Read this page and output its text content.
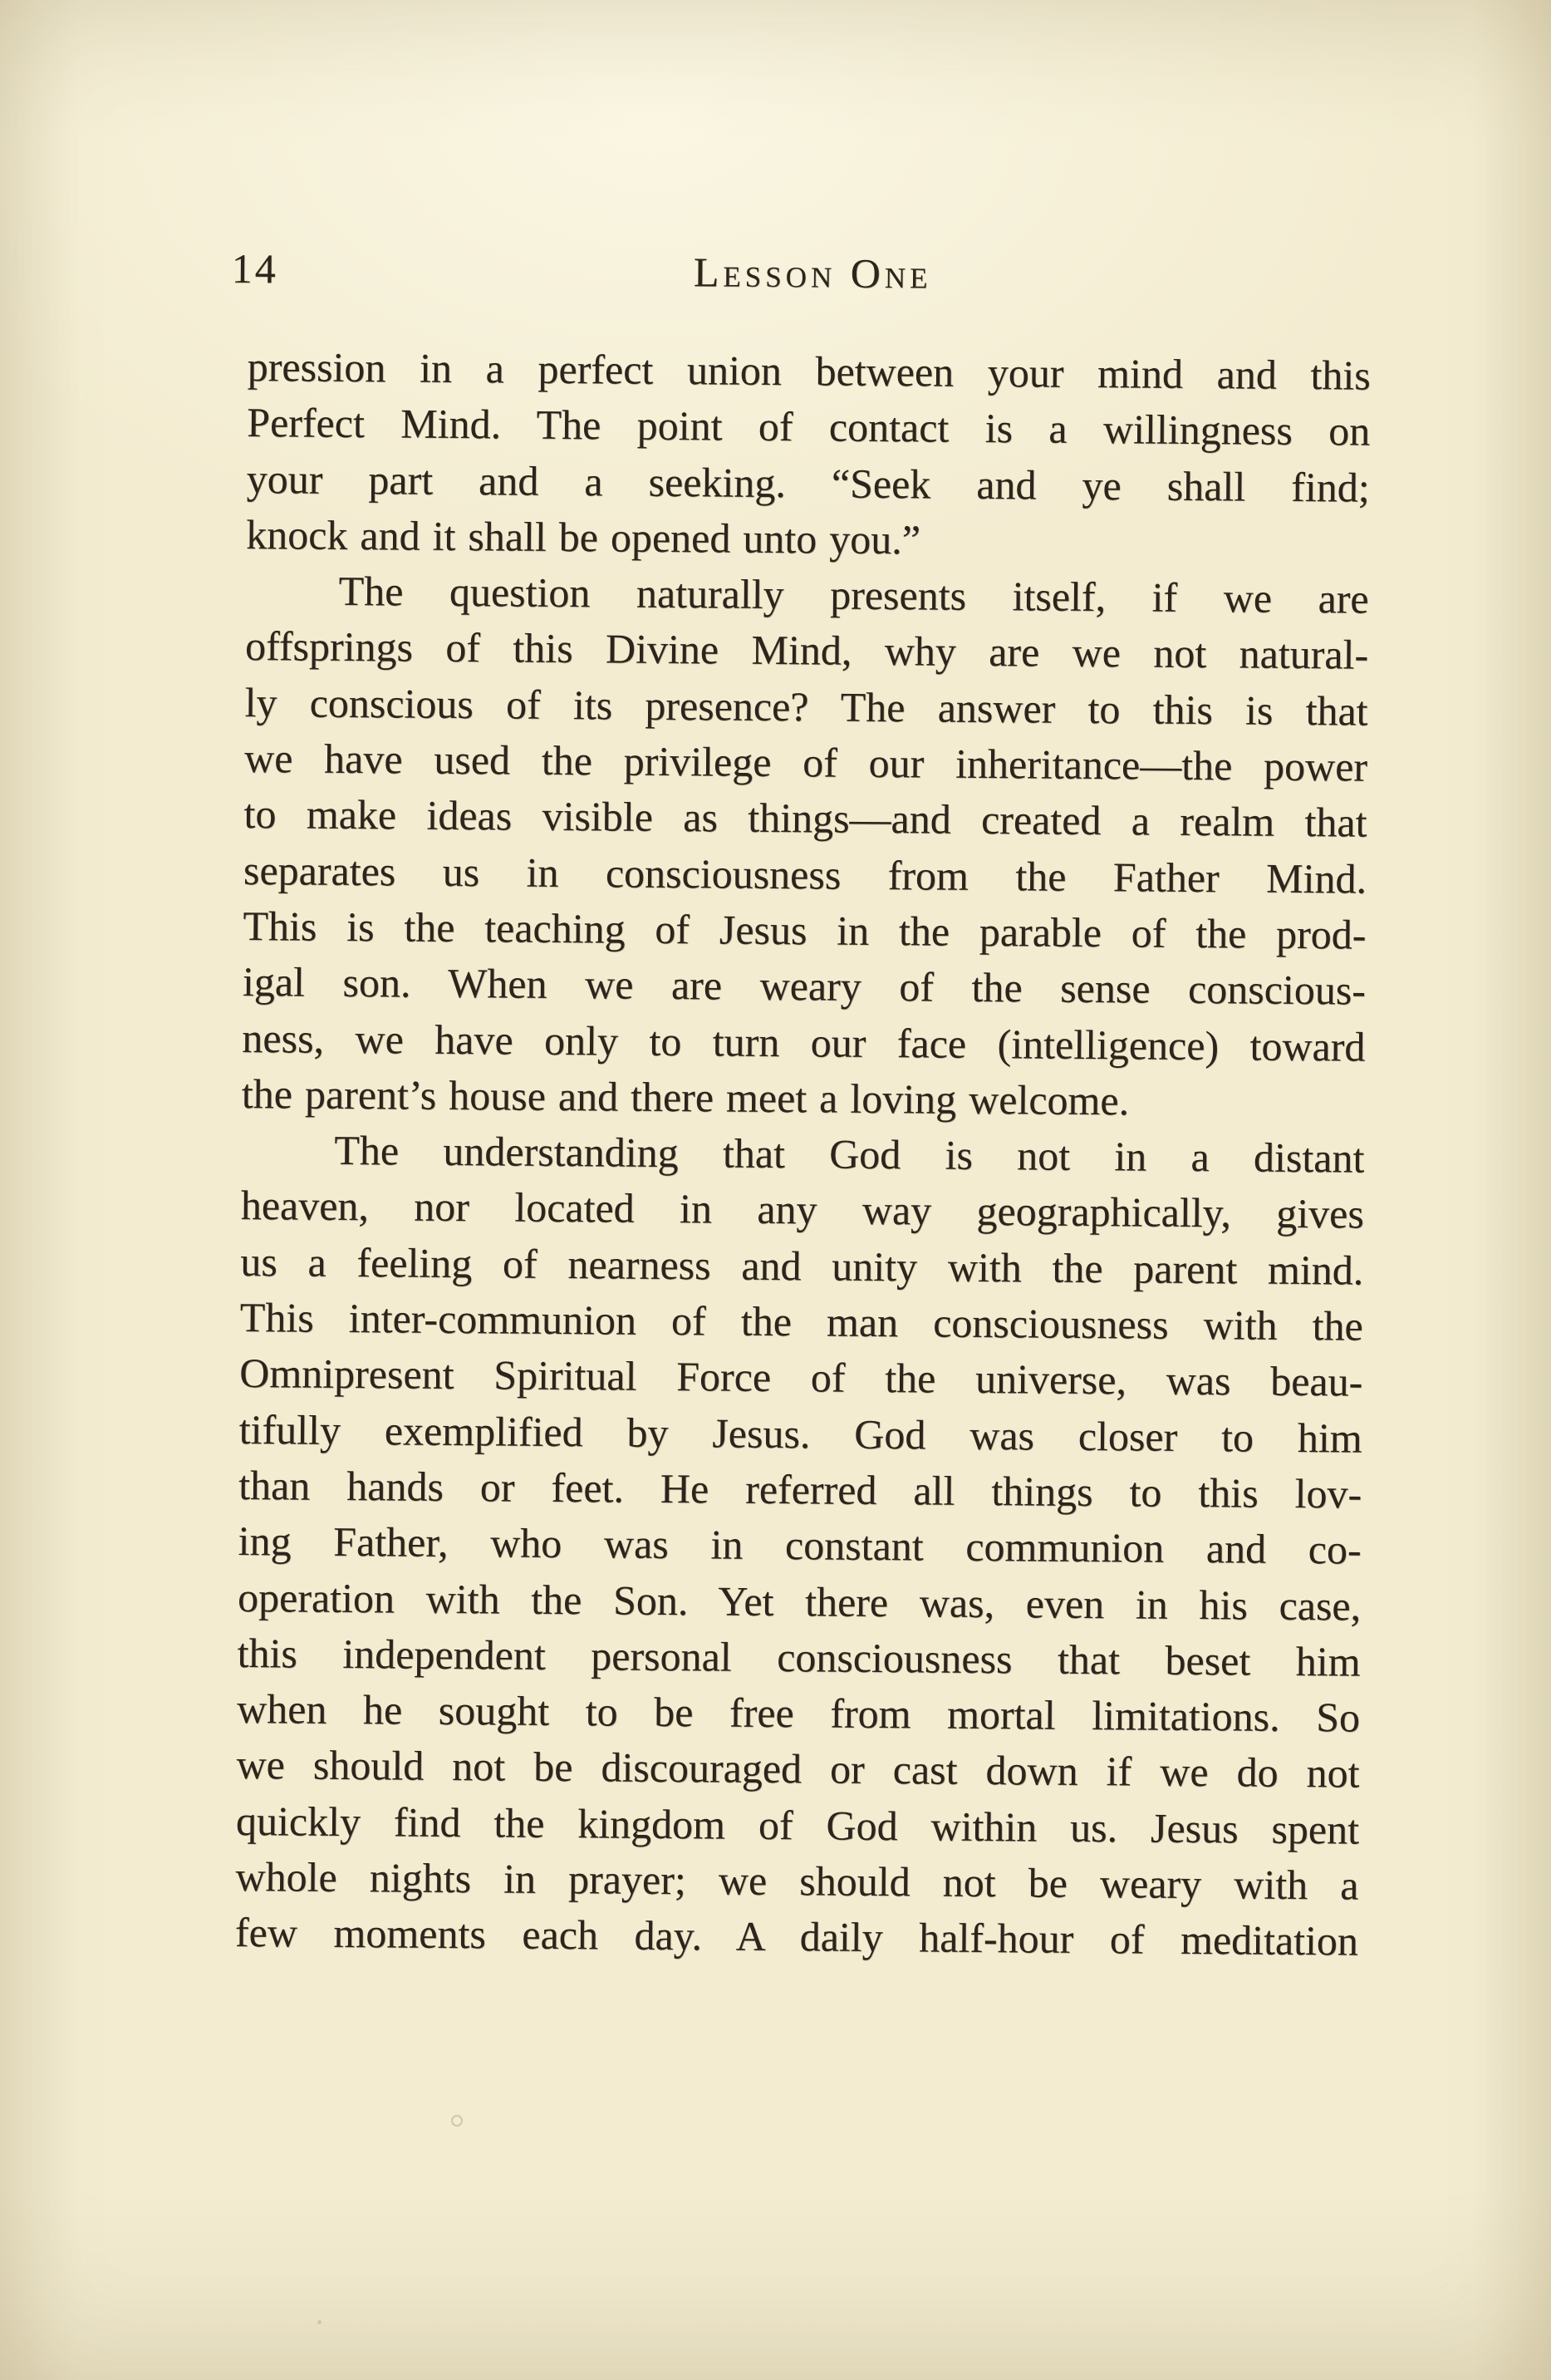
14	Lesson One
pression in a perfect union between your mind and this
Perfect Mind. The point of contact is a willingness on
your part and a seeking. “Seek and ye shall find;
knock and it shall be opened unto you.”
The question naturally presents itself, if we are
offsprings of this Divine Mind, why are we not natural-
ly conscious of its presence? The answer to this is that
we have used the privilege of our inheritance—the power
to make ideas visible as things—and created a realm that
separates us in consciousness from the Father Mind.
This is the teaching of Jesus in the parable of the prod-
igal son. When we are weary of the sense conscious-
ness, we have only to turn our face (intelligence) toward
the parent’s house and there meet a loving welcome.
The understanding that God is not in a distant
heaven, nor located in any way geographically, gives
us a feeling of nearness and unity with the parent mind.
This inter-communion of the man consciousness with the
Omnipresent Spiritual Force of the universe, was beau-
tifully exemplified by Jesus. God was closer to him
than hands or feet. He referred all things to this lov-
ing Father, who was in constant communion and co-
operation with the Son. Yet there was, even in his case,
this independent personal consciousness that beset him
when he sought to be free from mortal limitations. So
we should not be discouraged or cast down if we do not
quickly find the kingdom of God within us. Jesus spent
whole nights in prayer; we should not be weary with a
few moments each day. A daily half-hour of meditation
